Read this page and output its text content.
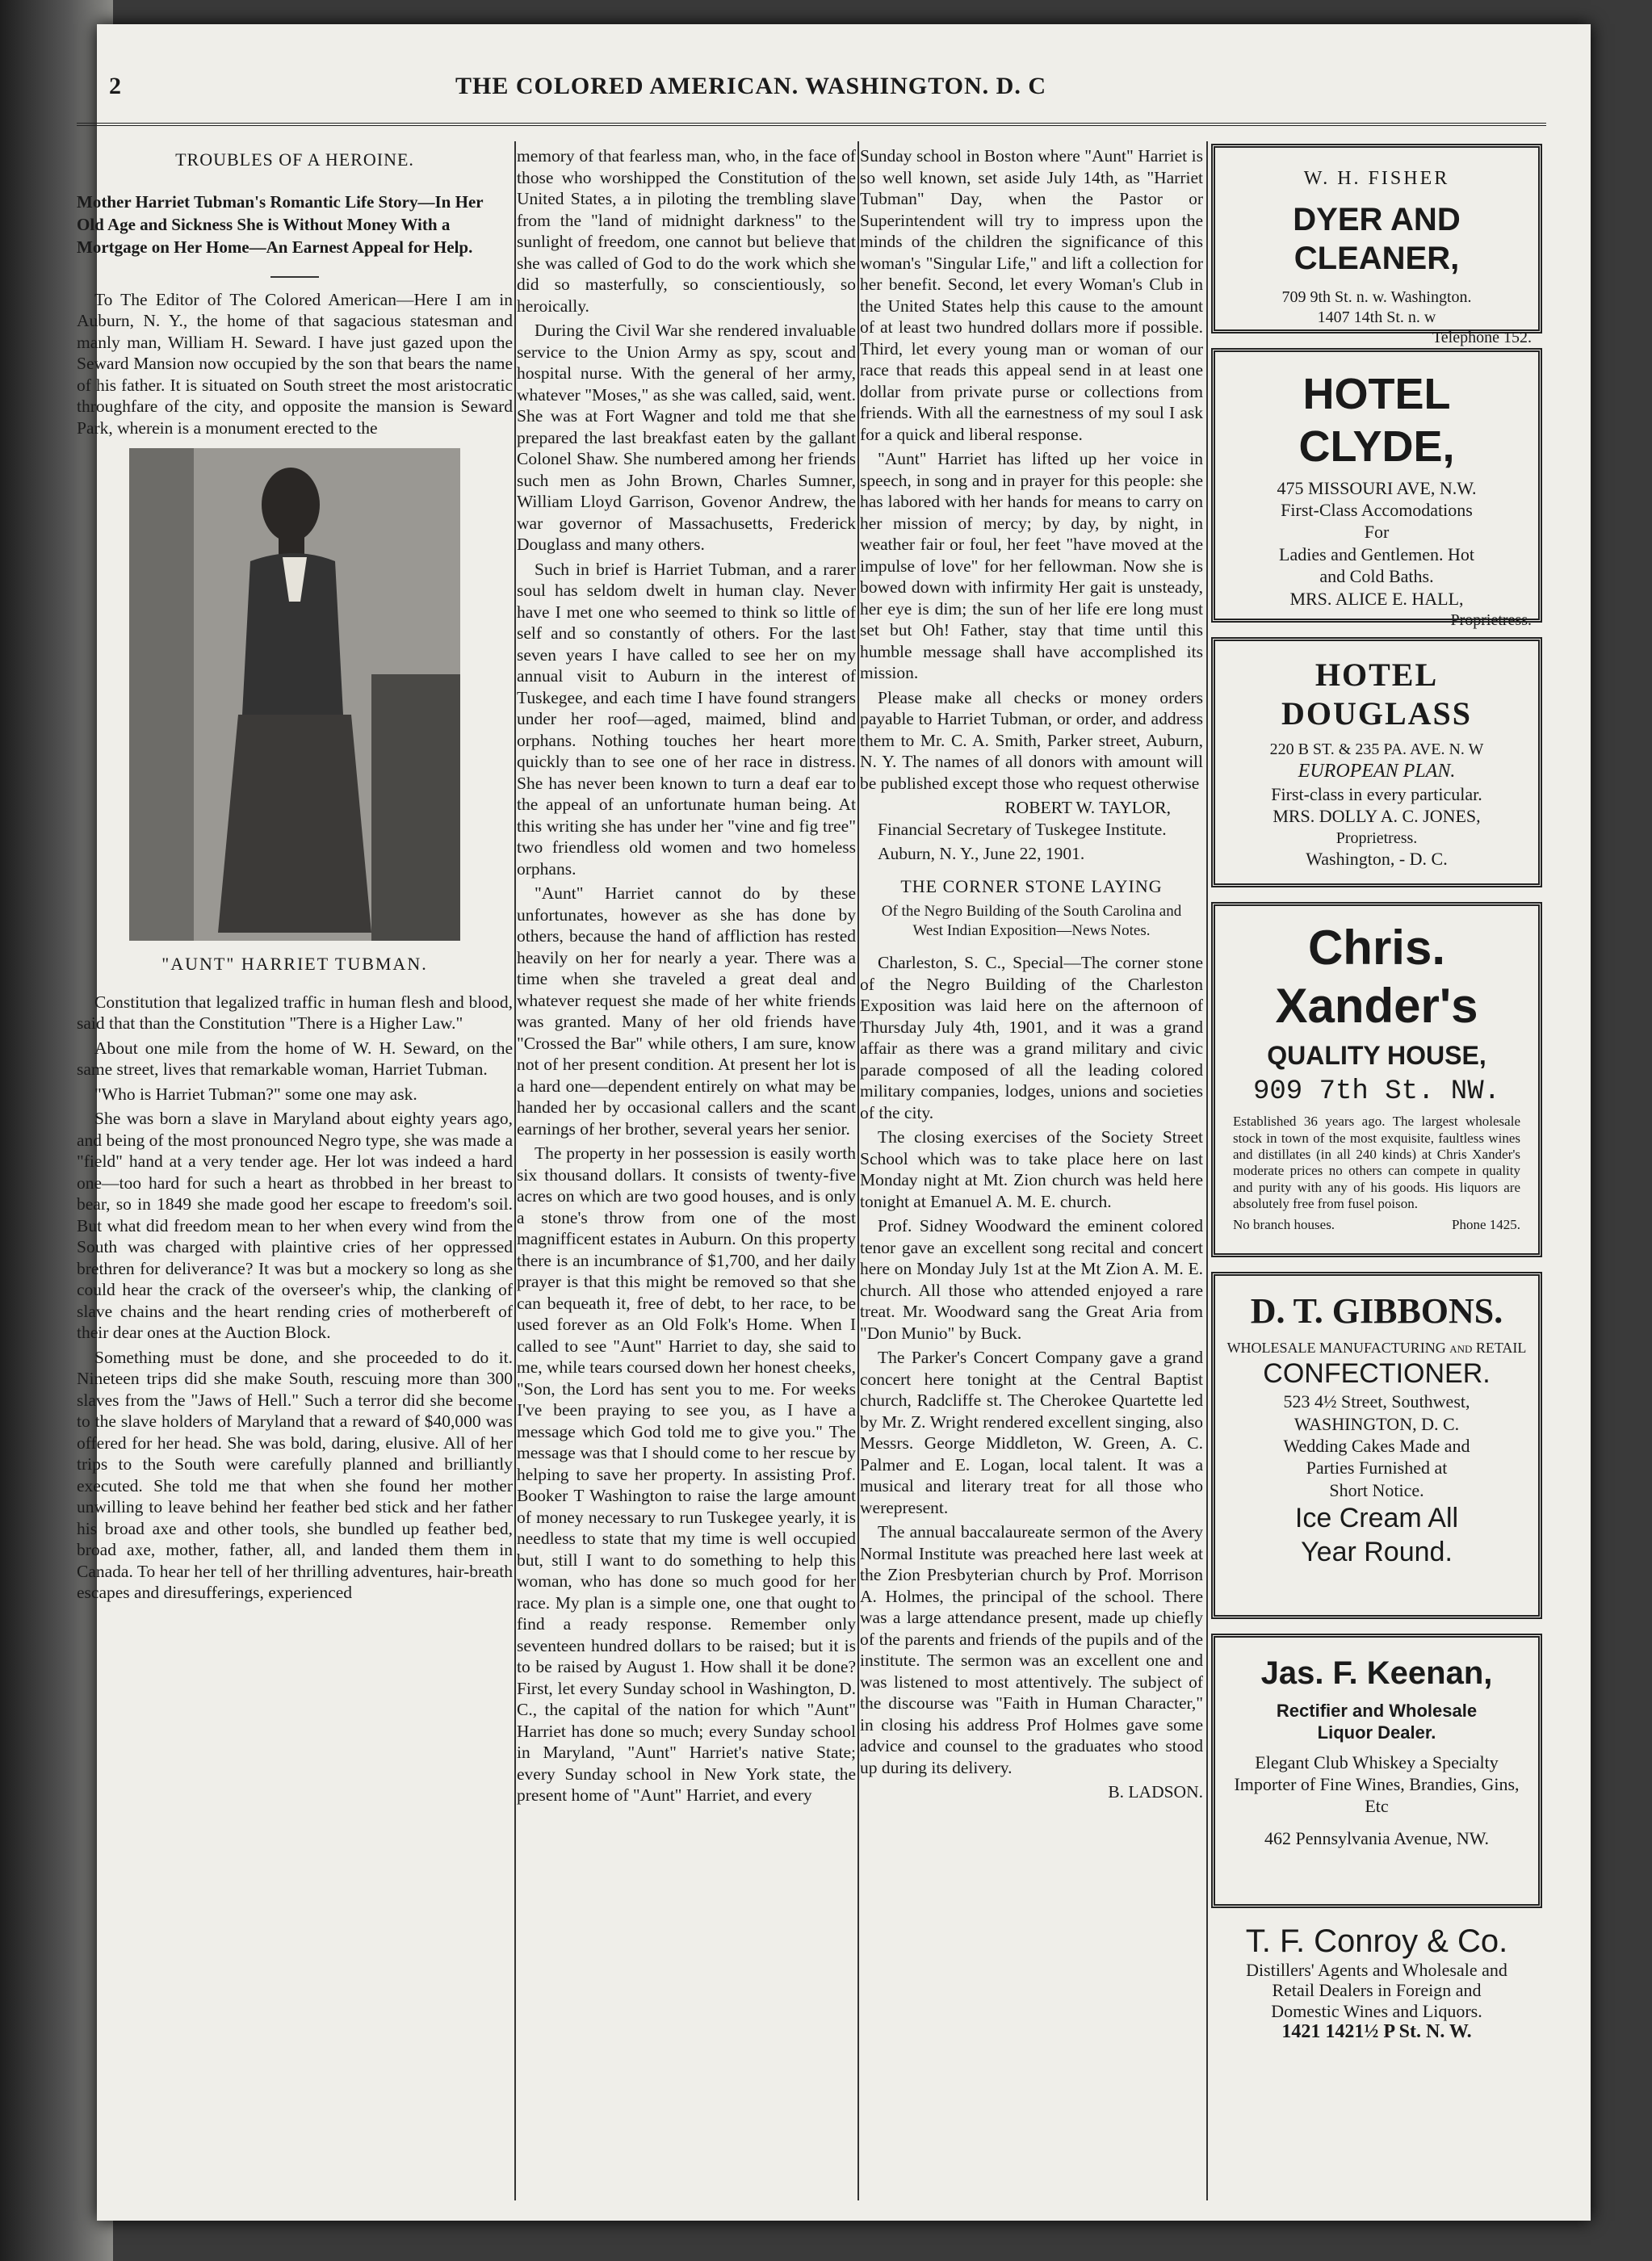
2	THE COLORED AMERICAN. WASHINGTON. D. C
TROUBLES OF A HEROINE.
Mother Harriet Tubman's Romantic Life Story—In Her Old Age and Sickness She is Without Money With a Mortgage on Her Home—An Earnest Appeal for Help.

To The Editor of The Colored American—Here I am in Auburn, N. Y., the home of that sagacious statesman and manly man, William H. Seward. I have just gazed upon the Seward Mansion now occupied by the son that bears the name of his father. It is situated on South street the most aristocratic throughfare of the city, and opposite the mansion is Seward Park, wherein is a monument erected to the

"AUNT" HARRIET TUBMAN.

Constitution that legalized traffic in human flesh and blood, said that than the Constitution "There is a Higher Law."

About one mile from the home of W. H. Seward, on the same street, lives that remarkable woman, Harriet Tubman.

"Who is Harriet Tubman?" some one may ask.

She was born a slave in Maryland about eighty years ago, and being of the most pronounced Negro type, she was made a "field" hand at a very tender age. Her lot was indeed a hard one—too hard for such a heart as throbbed in her breast to bear, so in 1849 she made good her escape to freedom's soil. But what did freedom mean to her when every wind from the South was charged with plaintive cries of her oppressed brethren for deliverance? It was but a mockery so long as she could hear the crack of the overseer's whip, the clanking of slave chains and the heart rending cries of motherbereft of their dear ones at the Auction Block.

Something must be done, and she proceeded to do it. Nineteen trips did she make South, rescuing more than 300 slaves from the "Jaws of Hell." Such a terror did she become to the slave holders of Maryland that a reward of $40,000 was offered for her head. She was bold, daring, elusive. All of her trips to the South were carefully planned and brilliantly executed. She told me that when she found her mother unwilling to leave behind her feather bed stick and her father his broad axe and other tools, she bundled up feather bed, broad axe, mother, father, all, and landed them them in Canada. To hear her tell of her thrilling adventures, hair-breath escapes and diresufferings, experienced

memory of that fearless man, who, in the face of those who worshipped the Constitution of the United States, a in piloting the trembling slave from the "land of midnight darkness" to the sunlight of freedom, one cannot but believe that she was called of God to do the work which she did so masterfully, so conscientiously, so heroically.

During the Civil War she rendered invaluable service to the Union Army as spy, scout and hospital nurse. With the general of her army, whatever "Moses," as she was called, said, went. She was at Fort Wagner and told me that she prepared the last breakfast eaten by the gallant Colonel Shaw. She numbered among her friends such men as John Brown, Charles Sumner, William Lloyd Garrison, Govenor Andrew, the war governor of Massachusetts, Frederick Douglass and many others.

Such in brief is Harriet Tubman, and a rarer soul has seldom dwelt in human clay. Never have I met one who seemed to think so little of self and so constantly of others. For the last seven years I have called to see her on my annual visit to Auburn in the interest of Tuskegee, and each time I have found strangers under her roof—aged, maimed, blind and orphans. Nothing touches her heart more quickly than to see one of her race in distress. She has never been known to turn a deaf ear to the appeal of an unfortunate human being. At this writing she has under her "vine and fig tree" two friendless old women and two homeless orphans.

"Aunt" Harriet cannot do by these unfortunates, however as she has done by others, because the hand of affliction has rested heavily on her for nearly a year. There was a time when she traveled a great deal and whatever request she made of her white friends was granted. Many of her old friends have "Crossed the Bar" while others, I am sure, know not of her present condition. At present her lot is a hard one—dependent entirely on what may be handed her by occasional callers and the scant earnings of her brother, several years her senior.

The property in her possession is easily worth six thousand dollars. It consists of twenty-five acres on which are two good houses, and is only a stone's throw from one of the most magnifficent estates in Auburn. On this property there is an incumbrance of $1,700, and her daily prayer is that this might be removed so that she can bequeath it, free of debt, to her race, to be used forever as an Old Folk's Home. When I called to see "Aunt" Harriet to day, she said to me, while tears coursed down her honest cheeks, "Son, the Lord has sent you to me. For weeks I've been praying to see you, as I have a message which God told me to give you." The message was that I should come to her rescue by helping to save her property. In assisting Prof. Booker T Washington to raise the large amount of money necessary to run Tuskegee yearly, it is needless to state that my time is well occupied but, still I want to do something to help this woman, who has done so much good for her race. My plan is a simple one, one that ought to find a ready response. Remember only seventeen hundred dollars to be raised; but it is to be raised by August 1. How shall it be done? First, let every Sunday school in Washington, D. C., the capital of the nation for which "Aunt" Harriet has done so much; every Sunday school in Maryland, "Aunt" Harriet's native State; every Sunday school in New York state, the present home of "Aunt" Harriet, and every

Sunday school in Boston where "Aunt" Harriet is so well known, set aside July 14th, as "Harriet Tubman" Day, when the Pastor or Superintendent will try to impress upon the minds of the children the significance of this woman's "Singular Life," and lift a collection for her benefit. Second, let every Woman's Club in the United States help this cause to the amount of at least two hundred dollars more if possible. Third, let every young man or woman of our race that reads this appeal send in at least one dollar from private purse or collections from friends. With all the earnestness of my soul I ask for a quick and liberal response.

"Aunt" Harriet has lifted up her voice in speech, in song and in prayer for this people: she has labored with her hands for means to carry on her mission of mercy; by day, by night, in weather fair or foul, her feet "have moved at the impulse of love" for her fellowman. Now she is bowed down with infirmity Her gait is unsteady, her eye is dim; the sun of her life ere long must set but Oh! Father, stay that time until this humble message shall have accomplished its mission.

Please make all checks or money orders payable to Harriet Tubman, or order, and address them to Mr. C. A. Smith, Parker street, Auburn, N. Y. The names of all donors with amount will be published except those who request otherwise

ROBERT W. TAYLOR,

Financial Secretary of Tuskegee Institute.

Auburn, N. Y., June 22, 1901.

THE CORNER STONE LAYING
Of the Negro Building of the South Carolina and West Indian Exposition—News Notes.

Charleston, S. C., Special—The corner stone of the Negro Building of the Charleston Exposition was laid here on the afternoon of Thursday July 4th, 1901, and it was a grand affair as there was a grand military and civic parade composed of all the leading colored military companies, lodges, unions and societies of the city.

The closing exercises of the Society Street School which was to take place here on last Monday night at Mt. Zion church was held here tonight at Emanuel A. M. E. church.

Prof. Sidney Woodward the eminent colored tenor gave an excellent song recital and concert here on Monday July 1st at the Mt Zion A. M. E. church. All those who attended enjoyed a rare treat. Mr. Woodward sang the Great Aria from "Don Munio" by Buck.

The Parker's Concert Company gave a grand concert here tonight at the Central Baptist church, Radcliffe st. The Cherokee Quartette led by Mr. Z. Wright rendered excellent singing, also Messrs. George Middleton, W. Green, A. C. Palmer and E. Logan, local talent. It was a musical and literary treat for all those who werepresent.

The annual baccalaureate sermon of the Avery Normal Institute was preached here last week at the Zion Presbyterian church by Prof. Morrison A. Holmes, the principal of the school. There was a large attendance present, made up chiefly of the parents and friends of the pupils and of the institute. The sermon was an excellent one and was listened to most attentively. The subject of the discourse was "Faith in Human Character," in closing his address Prof Holmes gave some advice and counsel to the graduates who stood up during its delivery.

B. LADSON.
W. H. FISHER
DYER AND CLEANER,
709 9th St. n. w. Washington.
1407 14th St. n. w
Telephone 152.
HOTEL CLYDE,
475 MISSOURI AVE, N.W.
First-Class Accomodations
For
Ladies and Gentlemen. Hot
and Cold Baths.
MRS. ALICE E. HALL,
Proprietress.
HOTEL DOUGLASS
220 B ST. & 235 PA. AVE. N. W
EUROPEAN PLAN.
First-class in every particular.
MRS. DOLLY A. C. JONES,
Proprietress.
Washington, - D. C.
Chris. Xander's
QUALITY HOUSE,
909 7th St. NW.
Established 36 years ago. The largest wholesale stock in town of the most exquisite, faultless wines and distillates (in all 240 kinds) at Chris Xander's moderate prices no others can compete in quality and purity with any of his goods. His liquors are absolutely free from fusel poison.
No branch houses.	Phone 1425.
D. T. GIBBONS.
WHOLESALE MANUFACTURING and RETAIL
CONFECTIONER.
523 4½ Street, Southwest,
WASHINGTON, D. C.
Wedding Cakes Made and
Parties Furnished at
Short Notice.
Ice Cream All
Year Round.
Jas. F. Keenan,
Rectifier and Wholesale
Liquor Dealer.
Elegant Club Whiskey a Specialty
Importer of Fine Wines, Brandies, Gins, Etc
462 Pennsylvania Avenue, NW.
T. F. Conroy & Co.
Distillers' Agents and Wholesale and
Retail Dealers in Foreign and
Domestic Wines and Liquors.
1421 1421½ P St. N. W.
